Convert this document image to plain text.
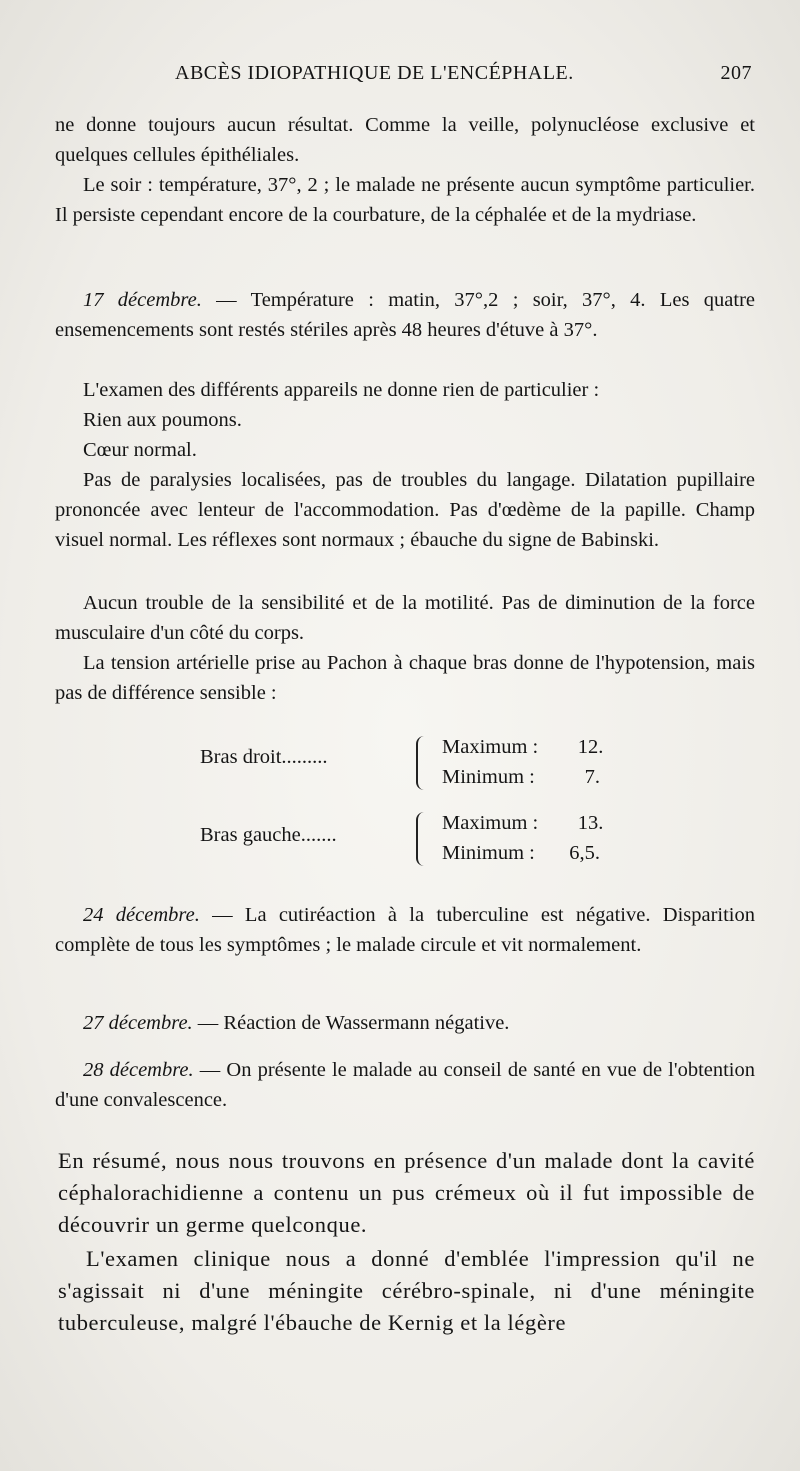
ABCÈS IDIOPATHIQUE DE L'ENCÉPHALE.	207

ne donne toujours aucun résultat. Comme la veille, polynucléose exclusive et quelques cellules épithéliales.

Le soir : température, 37°, 2 ; le malade ne présente aucun symptôme particulier. Il persiste cependant encore de la courbature, de la céphalée et de la mydriase.

17 décembre. — Température : matin, 37°,2 ; soir, 37°, 4. Les quatre ensemencements sont restés stériles après 48 heures d'étuve à 37°.

L'examen des différents appareils ne donne rien de particulier :

Rien aux poumons.

Cœur normal.

Pas de paralysies localisées, pas de troubles du langage. Dilatation pupillaire prononcée avec lenteur de l'accommodation. Pas d'œdème de la papille. Champ visuel normal. Les réflexes sont normaux ; ébauche du signe de Babinski.

Aucun trouble de la sensibilité et de la motilité. Pas de diminution de la force musculaire d'un côté du corps.

La tension artérielle prise au Pachon à chaque bras donne de l'hypotension, mais pas de différence sensible :

Bras droit.........	Maximum : 12.
Minimum : 7.
Bras gauche.......
Maximum : 13.
Minimum : 6,5.

24 décembre. — La cutiréaction à la tuberculine est négative. Disparition complète de tous les symptômes ; le malade circule et vit normalement.

27 décembre. — Réaction de Wassermann négative.

28 décembre. — On présente le malade au conseil de santé en vue de l'obtention d'une convalescence.

En résumé, nous nous trouvons en présence d'un malade dont la cavité céphalorachidienne a contenu un pus crémeux où il fut impossible de découvrir un germe quelconque.

L'examen clinique nous a donné d'emblée l'impression qu'il ne s'agissait ni d'une méningite cérébro-spinale, ni d'une méningite tuberculeuse, malgré l'ébauche de Kernig et la légère
